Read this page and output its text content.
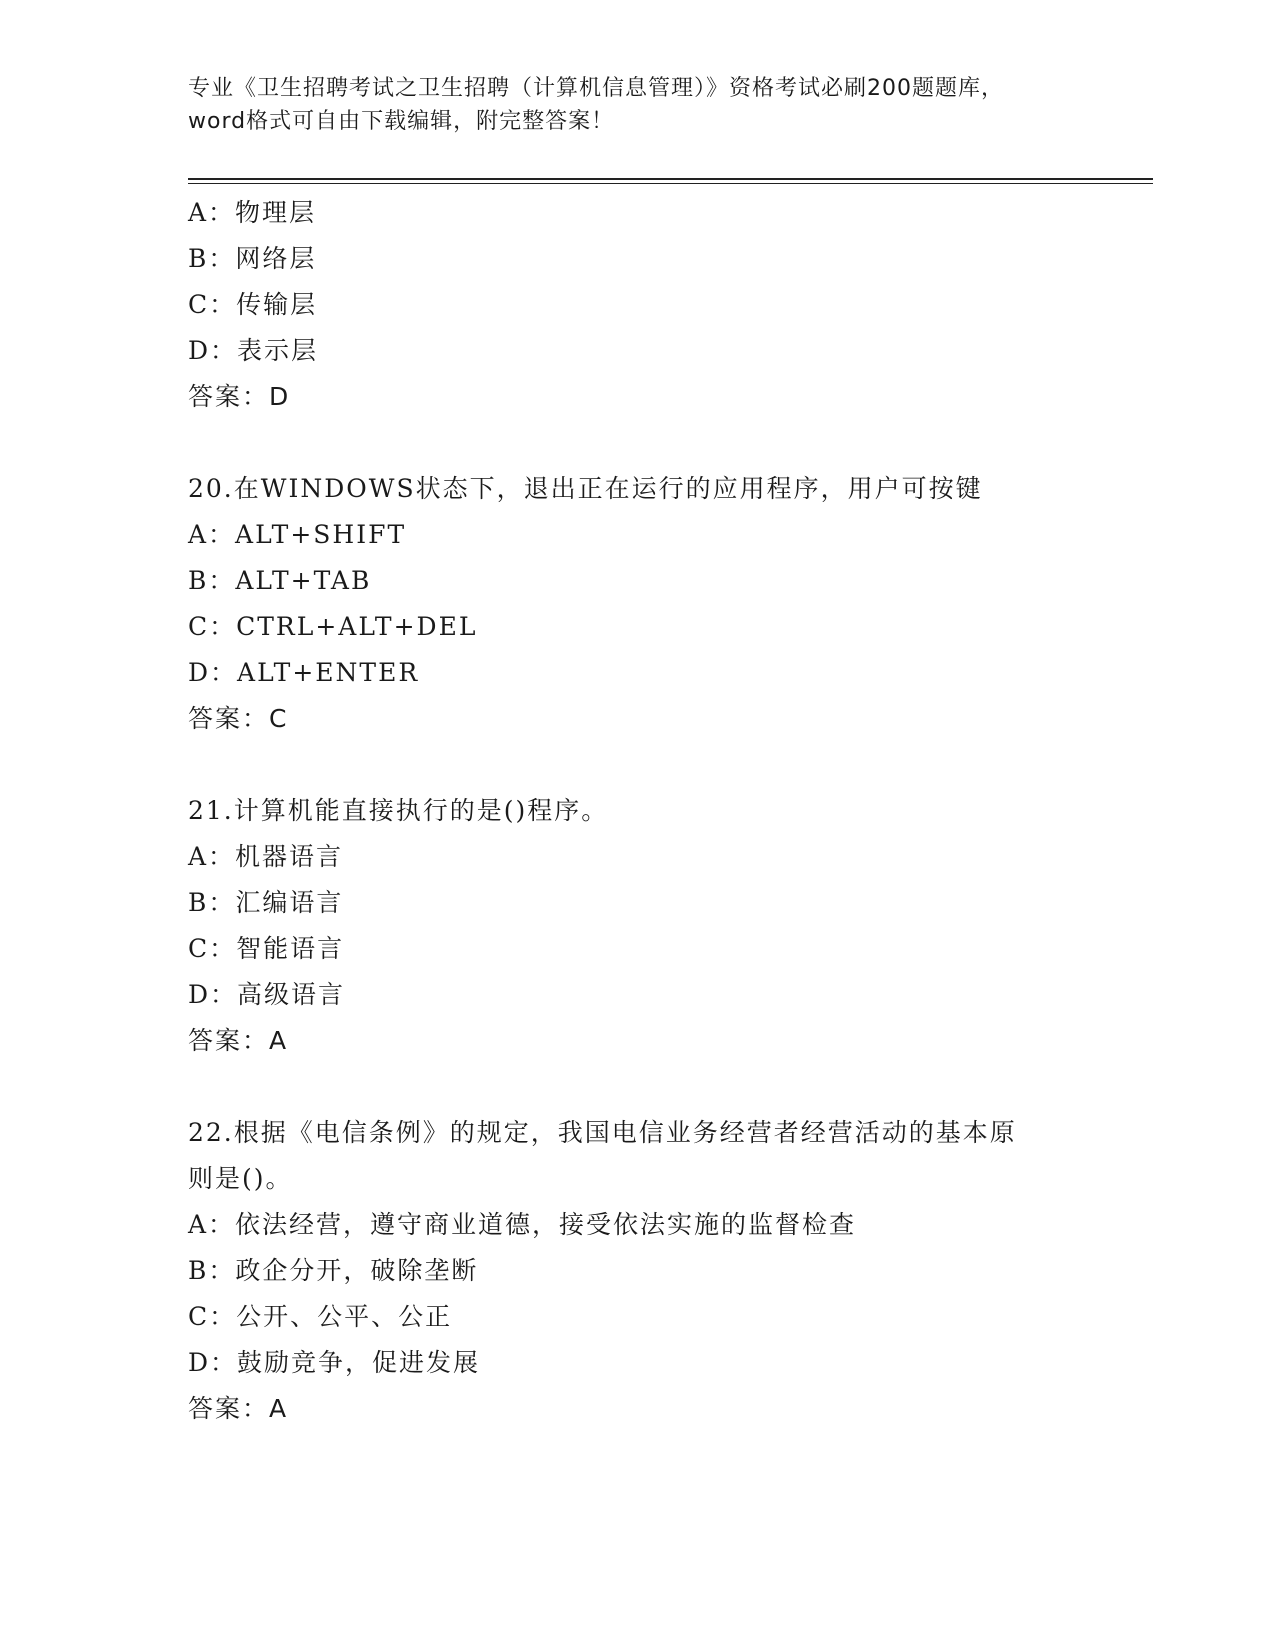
专业《卫生招聘考试之卫生招聘（计算机信息管理）》资格考试必刷200题题库，
word格式可自由下载编辑，附完整答案！
A：物理层
B：网络层
C：传输层
D：表示层
答案：D
20.在WINDOWS状态下，退出正在运行的应用程序，用户可按键
A：ALT+SHIFT
B：ALT+TAB
C：CTRL+ALT+DEL
D：ALT+ENTER
答案：C
21.计算机能直接执行的是()程序。
A：机器语言
B：汇编语言
C：智能语言
D：高级语言
答案：A
22.根据《电信条例》的规定，我国电信业务经营者经营活动的基本原
则是()。
A：依法经营，遵守商业道德，接受依法实施的监督检查
B：政企分开，破除垄断
C：公开、公平、公正
D：鼓励竞争，促进发展
答案：A
